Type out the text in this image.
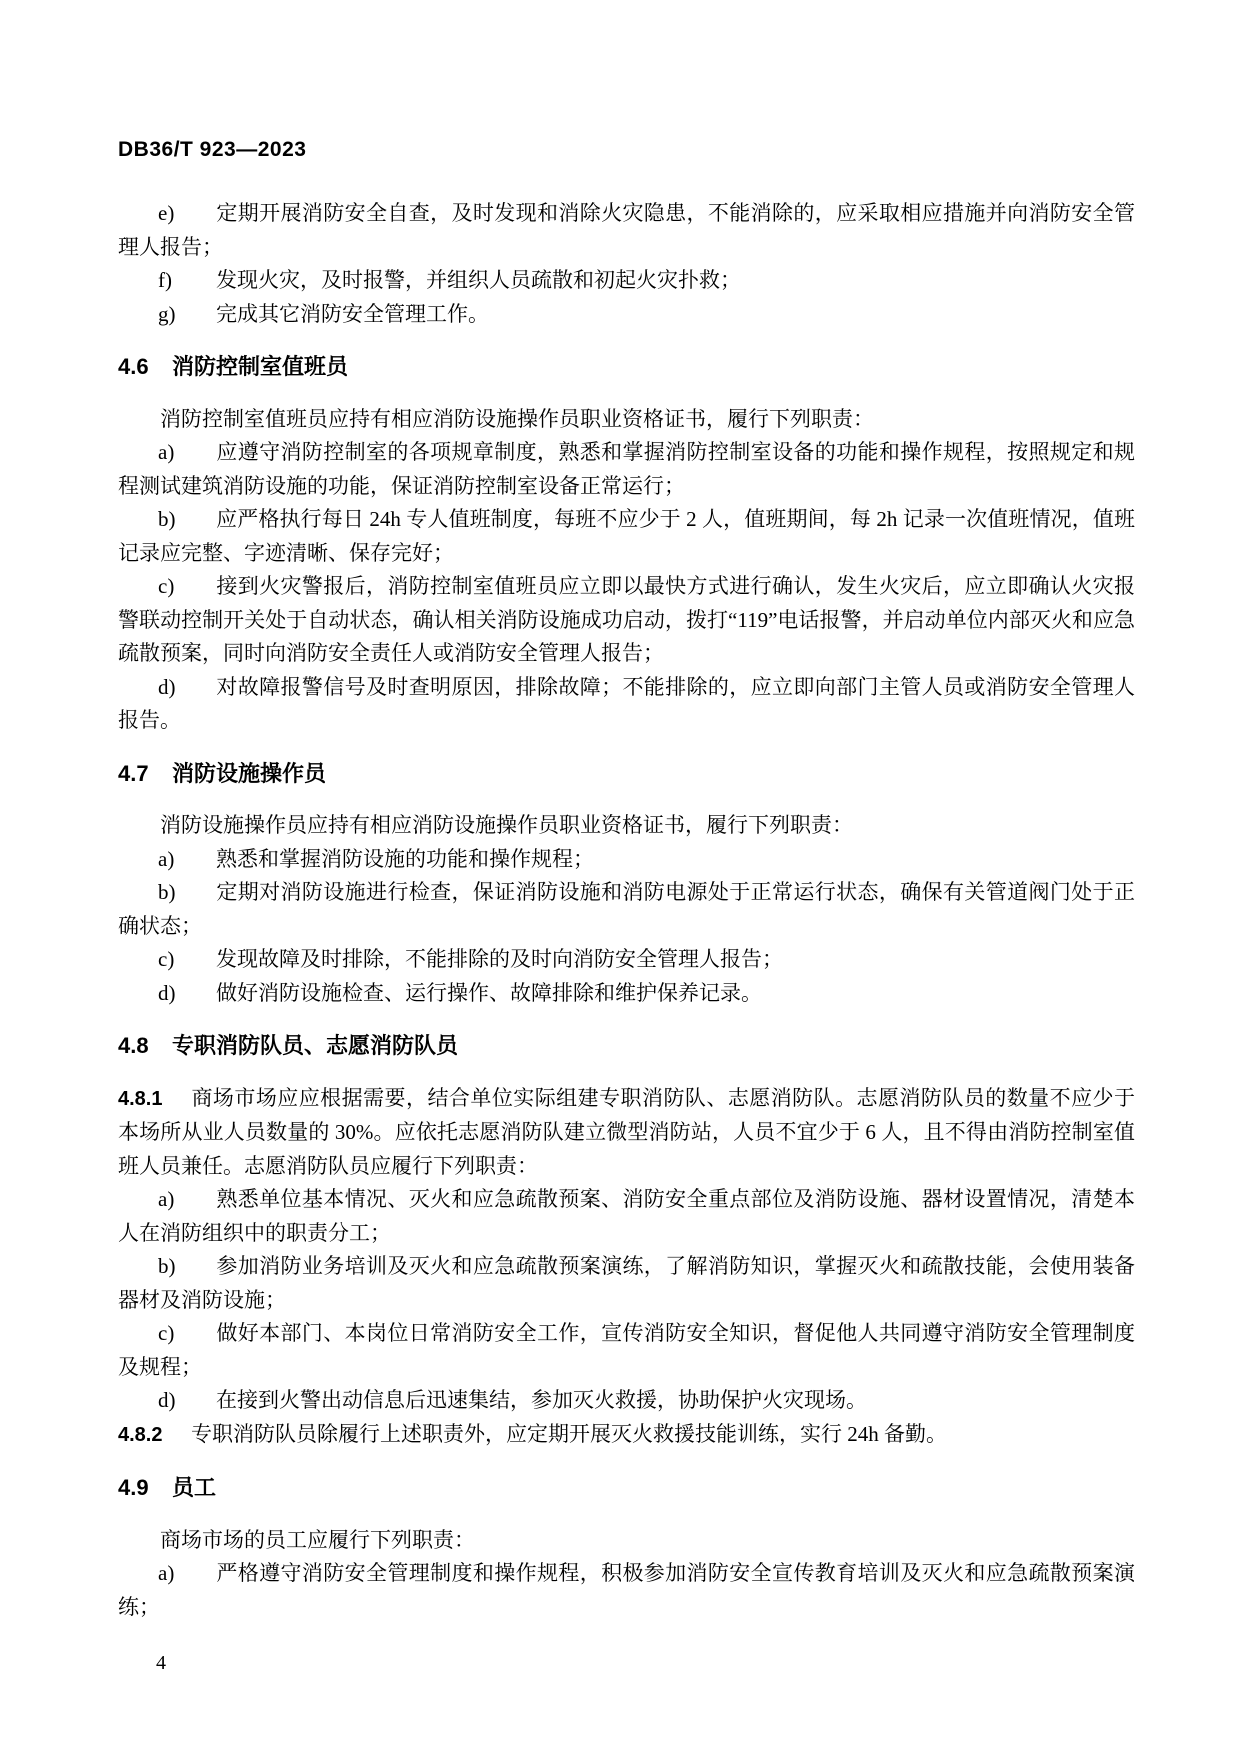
DB36/T 923—2023

e) 定期开展消防安全自查，及时发现和消除火灾隐患，不能消除的，应采取相应措施并向消防安全管理人报告；

f) 发现火灾，及时报警，并组织人员疏散和初起火灾扑救；

g) 完成其它消防安全管理工作。

4.6 消防控制室值班员

消防控制室值班员应持有相应消防设施操作员职业资格证书，履行下列职责：

a) 应遵守消防控制室的各项规章制度，熟悉和掌握消防控制室设备的功能和操作规程，按照规定和规程测试建筑消防设施的功能，保证消防控制室设备正常运行；

b) 应严格执行每日 24h 专人值班制度，每班不应少于 2 人，值班期间，每 2h 记录一次值班情况，值班记录应完整、字迹清晰、保存完好；

c) 接到火灾警报后，消防控制室值班员应立即以最快方式进行确认，发生火灾后，应立即确认火灾报警联动控制开关处于自动状态，确认相关消防设施成功启动，拨打“119”电话报警，并启动单位内部灭火和应急疏散预案，同时向消防安全责任人或消防安全管理人报告；

d) 对故障报警信号及时查明原因，排除故障；不能排除的，应立即向部门主管人员或消防安全管理人报告。

4.7 消防设施操作员

消防设施操作员应持有相应消防设施操作员职业资格证书，履行下列职责：

a) 熟悉和掌握消防设施的功能和操作规程；

b) 定期对消防设施进行检查，保证消防设施和消防电源处于正常运行状态，确保有关管道阀门处于正确状态；

c) 发现故障及时排除，不能排除的及时向消防安全管理人报告；

d) 做好消防设施检查、运行操作、故障排除和维护保养记录。

4.8 专职消防队员、志愿消防队员

4.8.1 商场市场应应根据需要，结合单位实际组建专职消防队、志愿消防队。志愿消防队员的数量不应少于本场所从业人员数量的 30%。应依托志愿消防队建立微型消防站，人员不宜少于 6 人，且不得由消防控制室值班人员兼任。志愿消防队员应履行下列职责：

a) 熟悉单位基本情况、灭火和应急疏散预案、消防安全重点部位及消防设施、器材设置情况，清楚本人在消防组织中的职责分工；

b) 参加消防业务培训及灭火和应急疏散预案演练，了解消防知识，掌握灭火和疏散技能，会使用装备器材及消防设施；

c) 做好本部门、本岗位日常消防安全工作，宣传消防安全知识，督促他人共同遵守消防安全管理制度及规程；

d) 在接到火警出动信息后迅速集结，参加灭火救援，协助保护火灾现场。

4.8.2 专职消防队员除履行上述职责外，应定期开展灭火救援技能训练，实行 24h 备勤。

4.9 员工

商场市场的员工应履行下列职责：

a) 严格遵守消防安全管理制度和操作规程，积极参加消防安全宣传教育培训及灭火和应急疏散预案演练；

4
